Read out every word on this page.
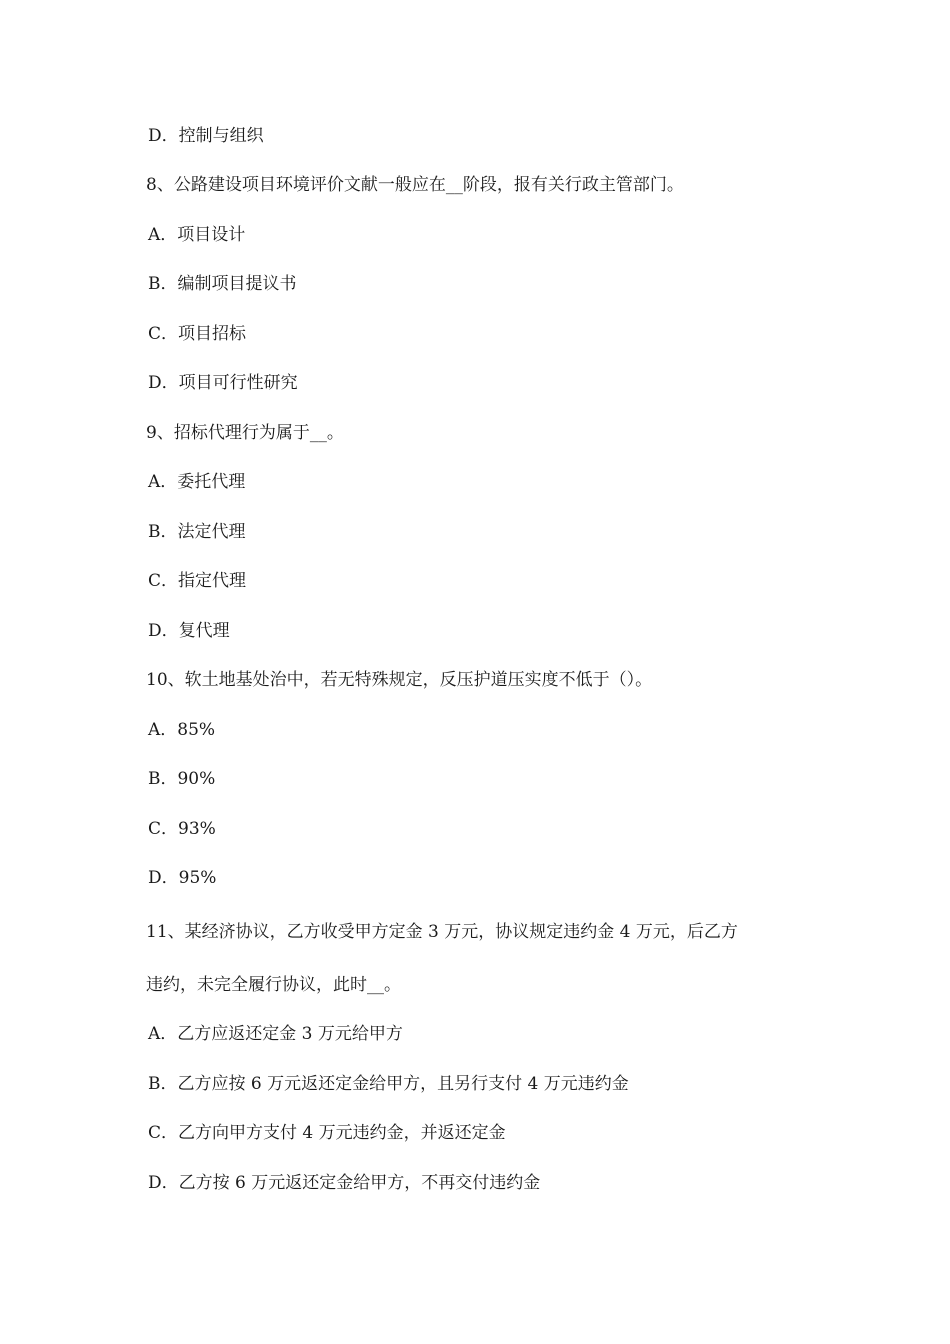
D．控制与组织
8、公路建设项目环境评价文献一般应在__阶段，报有关行政主管部门。
A．项目设计
B．编制项目提议书
C．项目招标
D．项目可行性研究
9、招标代理行为属于__。
A．委托代理
B．法定代理
C．指定代理
D．复代理
10、软土地基处治中，若无特殊规定，反压护道压实度不低于（）。
A．85%
B．90%
C．93%
D．95%
11、某经济协议，乙方收受甲方定金 3 万元，协议规定违约金 4 万元，后乙方
违约，未完全履行协议，此时__。
A．乙方应返还定金 3 万元给甲方
B．乙方应按 6 万元返还定金给甲方，且另行支付 4 万元违约金
C．乙方向甲方支付 4 万元违约金，并返还定金
D．乙方按 6 万元返还定金给甲方，不再交付违约金
